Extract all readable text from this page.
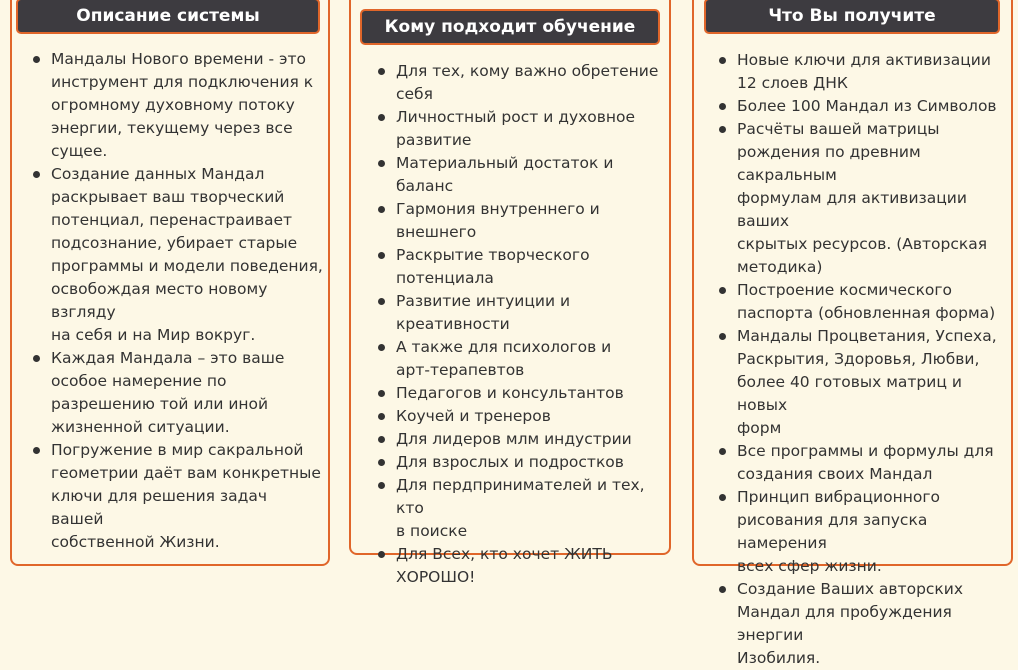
Описание системы
Мандалы Нового времени - это
инструмент для подключения к
огромному духовному потоку
энергии, текущему через все
сущее.
Создание данных Мандал
раскрывает ваш творческий
потенциал, перенастраивает
подсознание, убирает старые
программы и модели поведения,
освобождая место новому взгляду
на себя и на Мир вокруг.
Каждая Мандала – это ваше
особое намерение по
разрешению той или иной
жизненной ситуации.
Погружение в мир сакральной
геометрии даёт вам конкретные
ключи для решения задач вашей
собственной Жизни.
Кому подходит обучение
Для тех, кому важно обретение
себя
Личностный рост и духовное
развитие
Материальный достаток и баланс
Гармония внутреннего и
внешнего
Раскрытие творческого
потенциала
Развитие интуиции и
креативности
А также для психологов и
арт-терапевтов
Педагогов и консультантов
Коучей и тренеров
Для лидеров млм индустрии
Для взрослых и подростков
Для пердпринимателей и тех, кто
в поиске
Для Всех, кто хочет ЖИТЬ
ХОРОШО!
Что Вы получите
Новые ключи для активизации
12 слоев ДНК
Более 100 Мандал из Символов
Расчёты вашей матрицы
рождения по древним сакральным
формулам для активизации ваших
скрытых ресурсов. (Авторская
методика)
Построение космического
паспорта (обновленная форма)
Мандалы Процветания, Успеха,
Раскрытия, Здоровья, Любви,
более 40 готовых матриц и новых
форм
Все программы и формулы для
создания своих Мандал
Принцип вибрационного
рисования для запуска намерения
всех сфер жизни.
Создание Ваших авторских
Мандал для пробуждения энергии
Изобилия.
